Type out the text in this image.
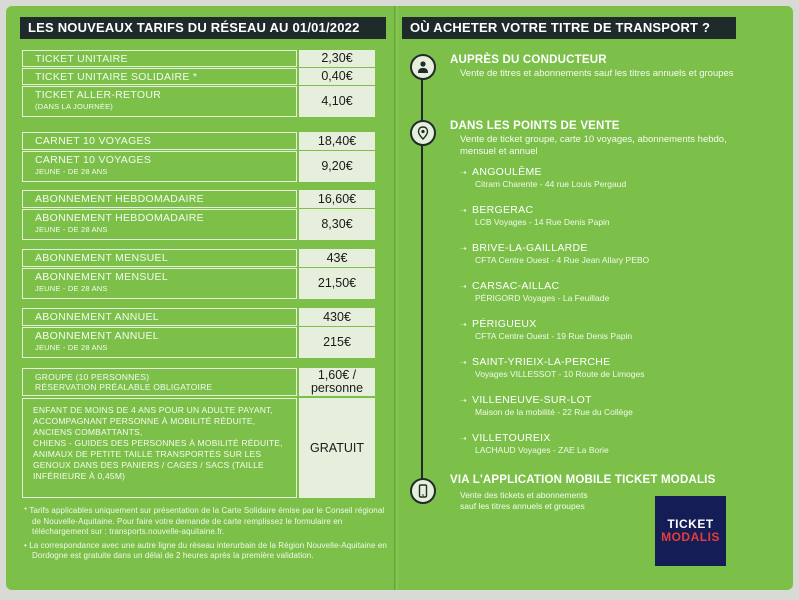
LES NOUVEAUX TARIFS DU RÉSEAU AU 01/01/2022
TICKET UNITAIRE	2,30€
TICKET UNITAIRE SOLIDAIRE *	0,40€
TICKET ALLER-RETOUR
(DANS LA JOURNÉE)	4,10€
CARNET 10 VOYAGES	18,40€
CARNET 10 VOYAGES
JEUNE - DE 28 ANS	9,20€
ABONNEMENT HEBDOMADAIRE	16,60€
ABONNEMENT HEBDOMADAIRE
JEUNE - DE 28 ANS	8,30€
ABONNEMENT MENSUEL	43€
ABONNEMENT MENSUEL
JEUNE - DE 28 ANS	21,50€
ABONNEMENT ANNUEL	430€
ABONNEMENT ANNUEL
JEUNE - DE 28 ANS	215€
GROUPE (10 PERSONNES)
RÉSERVATION PRÉALABLE OBLIGATOIRE
1,60€ /
personne
ENFANT DE MOINS DE 4 ANS POUR UN ADULTE PAYANT,
ACCOMPAGNANT PERSONNE À MOBILITÉ RÉDUITE,
ANCIENS COMBATTANTS,
CHIENS - GUIDES DES PERSONNES À MOBILITÉ RÉDUITE,
ANIMAUX DE PETITE TAILLE TRANSPORTÉS SUR LES
GENOUX DANS DES PANIERS / CAGES / SACS (TAILLE
INFÉRIEURE À 0,45M)
GRATUIT

* Tarifs applicables uniquement sur présentation de la Carte Solidaire émise par le Conseil régional de Nouvelle-Aquitaine. Pour faire votre demande de carte remplissez le formulaire en téléchargement sur : transports.nouvelle-aquitaine.fr.

• La correspondance avec une autre ligne du réseau interurbain de la Région Nouvelle-Aquitaine en Dordogne est gratuite dans un délai de 2 heures après la première validation.

OÙ ACHETER VOTRE TITRE DE TRANSPORT ?
AUPRÈS DU CONDUCTEUR
Vente de titres et abonnements sauf les titres annuels et groupes
DANS LES POINTS DE VENTE
Vente de ticket groupe, carte 10 voyages, abonnements hebdo, mensuel et annuel
➝ ANGOULÊME
Citram Charente - 44 rue Louis Pergaud
➝ BERGERAC
LCB Voyages - 14 Rue Denis Papin
➝ BRIVE-LA-GAILLARDE
CFTA Centre Ouest - 4 Rue Jean Allary PEBO
➝ CARSAC-AILLAC
PÉRIGORD Voyages - La Feuillade
➝ PÉRIGUEUX
CFTA Centre Ouest - 19 Rue Denis Papin
➝ SAINT-YRIEIX-LA-PERCHE
Voyages VILLESSOT - 10 Route de Limoges
➝ VILLENEUVE-SUR-LOT
Maison de la mobilité - 22 Rue du Collège
➝ VILLETOUREIX
LACHAUD Voyages - ZAE La Borie
VIA L'APPLICATION MOBILE TICKET MODALIS
Vente des tickets et abonnements
sauf les titres annuels et groupes
TICKET
MODALIS
